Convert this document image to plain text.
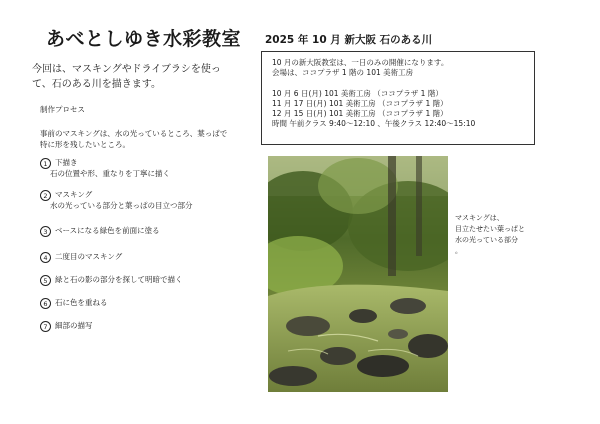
あべとしゆき水彩教室 2025 年 10 月 新大阪 石のある川
今回は、マスキングやドライブラシを使っ
て、石のある川を描きます。
制作プロセス
事前のマスキングは、水の光っているところ、葉っぱで
特に形を残したいところ。
1 下描き
石の位置や形、重なりを丁寧に描く
2 マスキング
水の光っている部分と葉っぱの目立つ部分
3 ベースになる緑色を前面に塗る
4 二度目のマスキング
5 緑と石の影の部分を探して明暗で描く
6 石に色を重ねる
7 細部の描写
10 月の新大阪教室は、一日のみの開催になります。
会場は、ココプラザ 1 階の 101 美術工房
10 月 6 日(月) 101 美術工房 （ココプラザ 1 階）
11 月 17 日(月) 101 美術工房 （ココプラザ 1 階）
12 月 15 日(月) 101 美術工房 （ココプラザ 1 階）
時間 午前クラス 9:40〜12:10 、午後クラス 12:40〜15:10
マスキングは、
目立たせたい葉っぱと
水の光っている部分
。
